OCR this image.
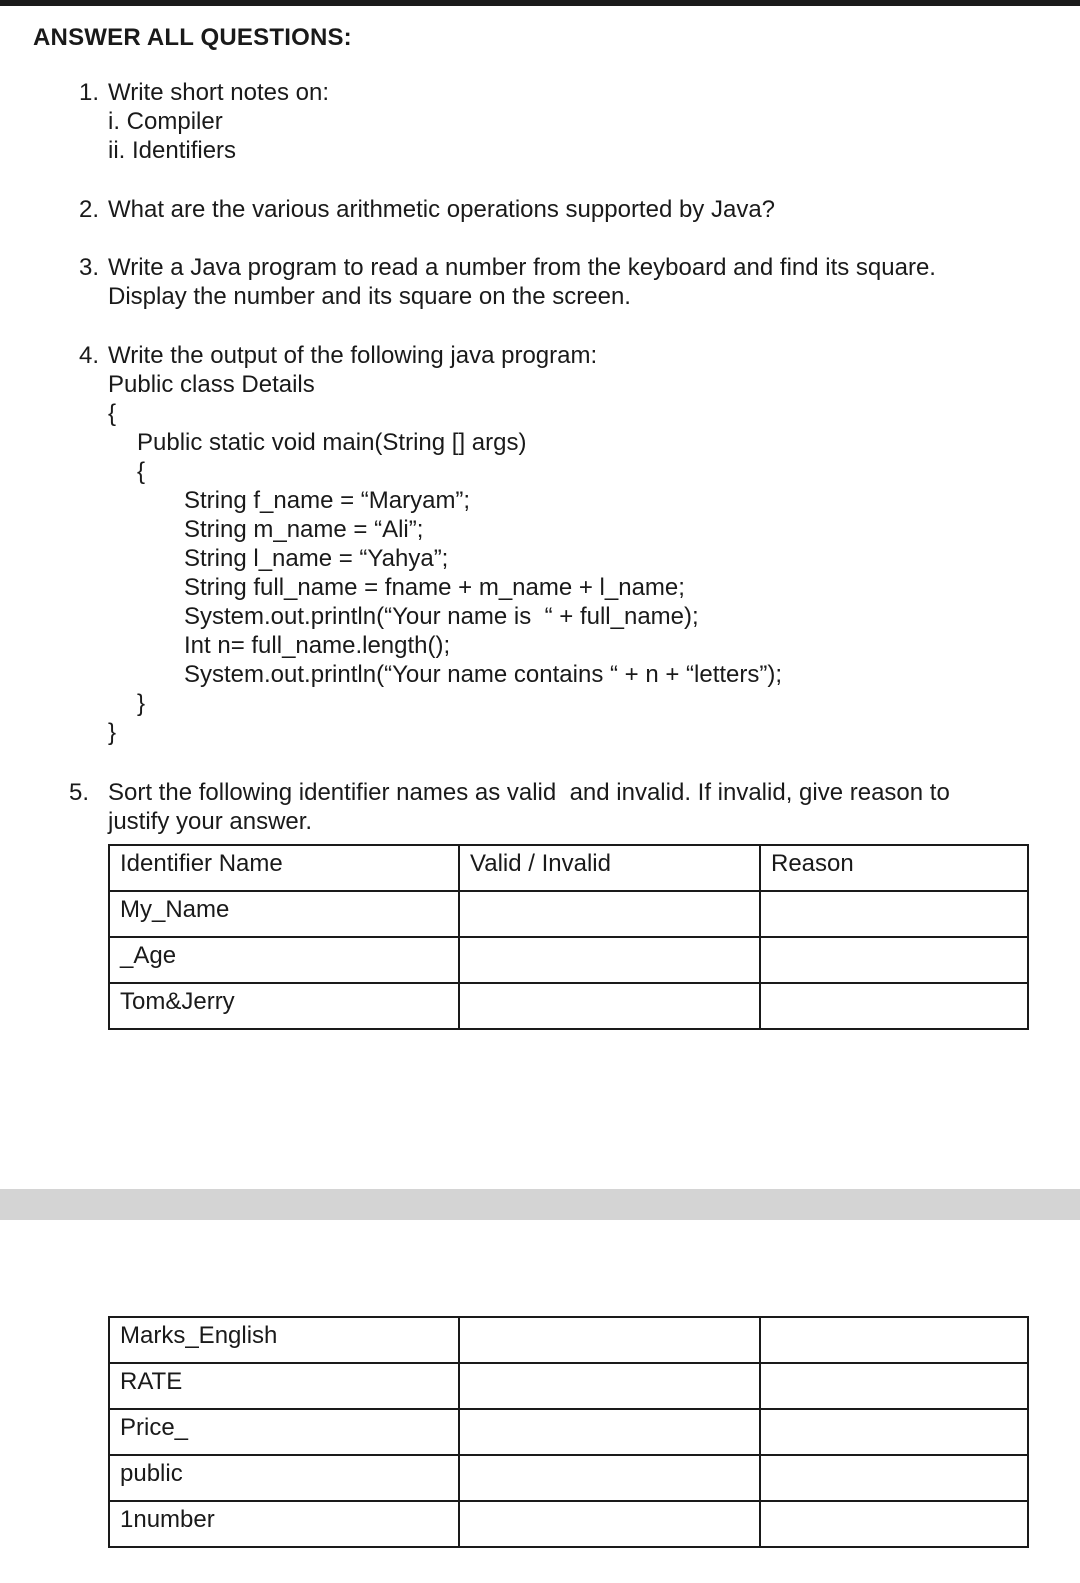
ANSWER ALL QUESTIONS:
1. Write short notes on:
i. Compiler
ii. Identifiers
2. What are the various arithmetic operations supported by Java?
3. Write a Java program to read a number from the keyboard and find its square.
Display the number and its square on the screen.
4. Write the output of the following java program:
Public class Details
{
Public static void main(String [] args)
{
String f_name = “Maryam”;
String m_name = “Ali”;
String l_name = “Yahya”;
String full_name = fname + m_name + l_name;
System.out.println(“Your name is  “ + full_name);
Int n= full_name.length();
System.out.println(“Your name contains “ + n + “letters”);
}
}
5. Sort the following identifier names as valid  and invalid. If invalid, give reason to
justify your answer.
Identifier Name	Valid / Invalid	Reason
My_Name		
_Age		
Tom&Jerry		
Marks_English		
RATE		
Price_		
public		
1number		
